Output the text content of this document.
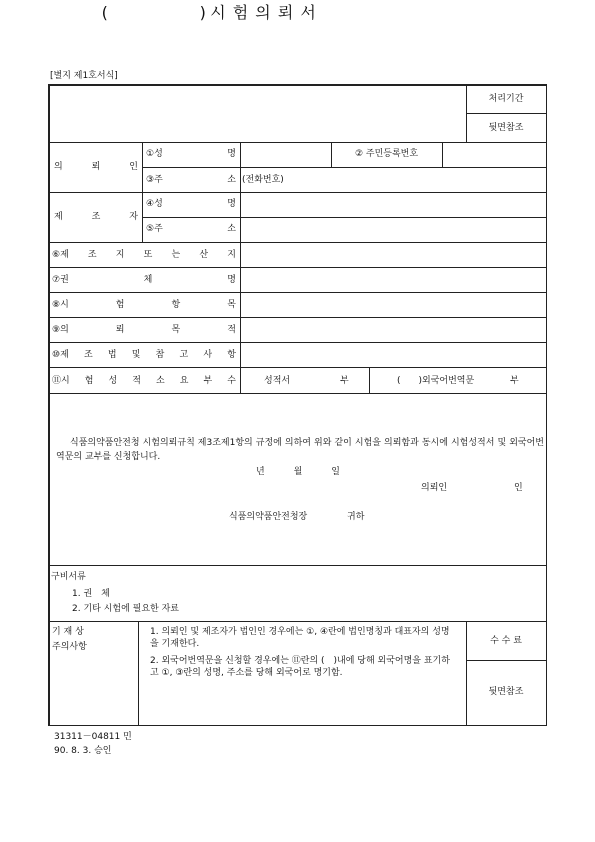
[별지 제1호서식]
(	) 시 험 의 뢰 서
처리기간
뒷면참조
의	뢰	인
①성	명	② 주민등록번호
③주	소 (전화번호)
제	조	자
④성	명
⑤주	소
⑥제 조 지 또 는 산 지
⑦권	체	명
⑧시	험	항	목
⑨의	뢰	목	적
⑩제 조 법 및 참 고 사 항
⑪시 험 성 적 소 요 부 수	성적서	부	(　　)외국어번역문	부
식품의약품안전청 시험의뢰규칙 제3조제1항의 규정에 의하여 위와 같이 시험을 의뢰함과 동시에 시험성적서 및 외국어번역문의 교부를 신청합니다.
년	월	일
의뢰인	인
식품의약품안전청장	귀하
구비서류
1. 권　체
2. 기타 시험에 필요한 자료
기 재 상
주의사항
1. 의뢰인 및 제조자가 법인인 경우에는 ①, ④란에 법인명칭과 대표자의 성명을 기재한다.
2. 외국어번역문을 신청할 경우에는 ⑪란의 (　)내에 당해 외국어명을 표기하고 ①, ③란의 성명, 주소를 당해 외국어로 명기함.
수 수 료
뒷면참조
31311－04811 민
90. 8. 3. 승인
